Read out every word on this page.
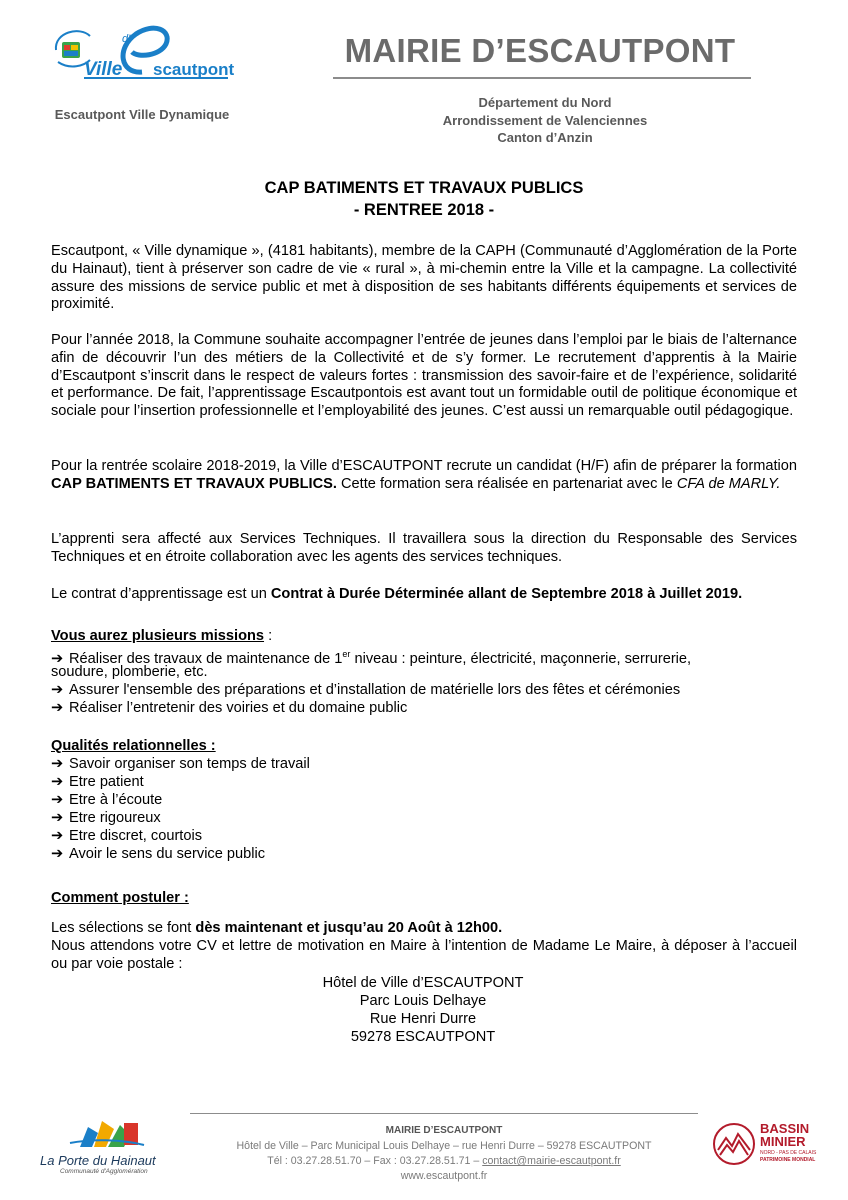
Ville
d'
scautpont
Escautpont Ville Dynamique
MAIRIE D’ESCAUTPONT
Département du Nord
Arrondissement de Valenciennes
Canton d’Anzin
CAP BATIMENTS ET TRAVAUX PUBLICS
- RENTREE 2018 -
Escautpont, « Ville dynamique », (4181 habitants), membre de la CAPH (Communauté d’Agglomération de la Porte du Hainaut), tient à préserver son cadre de vie « rural », à mi-chemin entre la Ville et la campagne. La collectivité assure des missions de service public et met à disposition de ses habitants différents équipements et services de proximité.
Pour l’année 2018, la Commune souhaite accompagner l’entrée de jeunes dans l’emploi par le biais de l’alternance afin de découvrir l’un des métiers de la Collectivité et de s’y former. Le recrutement d’apprentis à la Mairie d’Escautpont s’inscrit dans le respect de valeurs fortes : transmission des savoir-faire et de l’expérience, solidarité et performance. De fait, l’apprentissage Escautpontois est avant tout un formidable outil de politique économique et sociale pour l’insertion professionnelle et l’employabilité des jeunes. C’est aussi un remarquable outil pédagogique.
Pour la rentrée scolaire 2018-2019, la Ville d’ESCAUTPONT recrute un candidat (H/F) afin de préparer la formation CAP BATIMENTS ET TRAVAUX PUBLICS. Cette formation sera réalisée en partenariat avec le CFA de MARLY.
L’apprenti sera affecté aux Services Techniques. Il travaillera sous la direction du Responsable des Services Techniques et en étroite collaboration avec les agents des services techniques.
Le contrat d’apprentissage est un Contrat à Durée Déterminée allant de Septembre 2018 à Juillet 2019.
Vous aurez plusieurs missions :
➔ Réaliser des travaux de maintenance de 1er niveau : peinture, électricité, maçonnerie, serrurerie,
soudure, plomberie, etc.
➔ Assurer l'ensemble des préparations et d’installation de matérielle lors des fêtes et cérémonies
➔ Réaliser l’entretenir des voiries et du domaine public
Qualités relationnelles :
➔ Savoir organiser son temps de travail
➔ Etre patient
➔ Etre à l’écoute
➔ Etre rigoureux
➔ Etre discret, courtois
➔ Avoir le sens du service public
Comment postuler :
Les sélections se font dès maintenant et jusqu’au 20 Août à 12h00.
Nous attendons votre CV et lettre de motivation en Maire à l’intention de Madame Le Maire, à déposer à l’accueil ou par voie postale :
Hôtel de Ville d’ESCAUTPONT
Parc Louis Delhaye
Rue Henri Durre
59278 ESCAUTPONT
La Porte du Hainaut
Communauté d'Agglomération
MAIRIE D’ESCAUTPONT
Hôtel de Ville – Parc Municipal Louis Delhaye – rue Henri Durre – 59278 ESCAUTPONT
Tél : 03.27.28.51.70 – Fax : 03.27.28.51.71 – contact@mairie-escautpont.fr
www.escautpont.fr
BASSIN
MINIER
NORD - PAS DE CALAIS
PATRIMOINE MONDIAL
